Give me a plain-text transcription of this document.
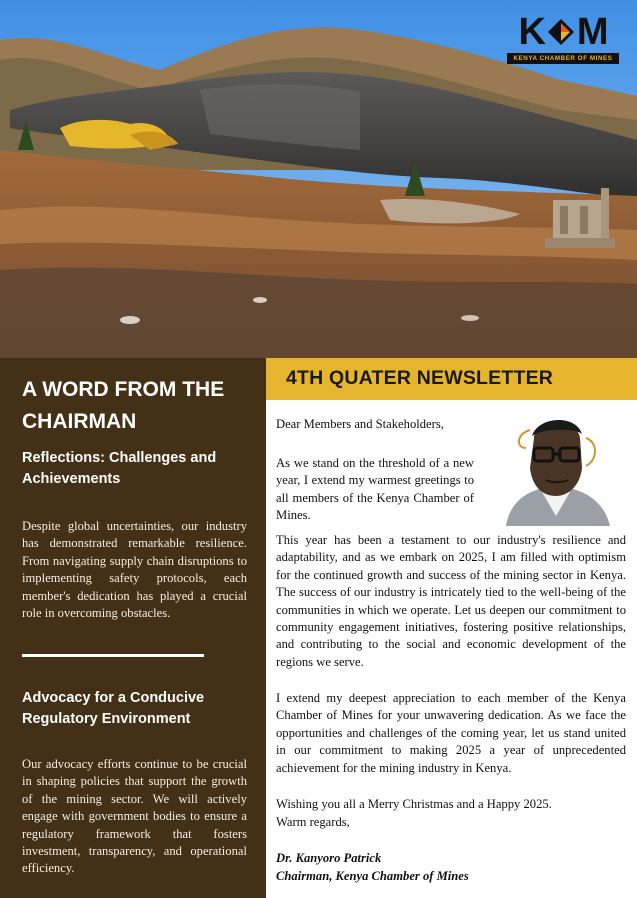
K M
KENYA CHAMBER OF MINES
A WORD FROM THE CHAIRMAN
Reflections: Challenges and Achievements
Despite global uncertainties, our industry has demonstrated remarkable resilience. From navigating supply chain disruptions to implementing safety protocols, each member's dedication has played a crucial role in overcoming obstacles.
Advocacy for a Conducive Regulatory Environment
Our advocacy efforts continue to be crucial in shaping policies that support the growth of the mining sector. We will actively engage with government bodies to ensure a regulatory framework that fosters investment, transparency, and operational efficiency.
4TH QUATER NEWSLETTER
Dear Members and Stakeholders,
As we stand on the threshold of a new year, I extend my warmest greetings to all members of the Kenya Chamber of Mines.
This year has been a testament to our industry's resilience and adaptability, and as we embark on 2025, I am filled with optimism for the continued growth and success of the mining sector in Kenya. The success of our industry is intricately tied to the well-being of the communities in which we operate. Let us deepen our commitment to community engagement initiatives, fostering positive relationships, and contributing to the social and economic development of the regions we serve.
I extend my deepest appreciation to each member of the Kenya Chamber of Mines for your unwavering dedication. As we face the opportunities and challenges of the coming year, let us stand united in our commitment to making 2025 a year of unprecedented achievement for the mining industry in Kenya.
Wishing you all a Merry Christmas and a Happy 2025.
Warm regards,
Dr. Kanyoro Patrick
Chairman, Kenya Chamber of Mines
